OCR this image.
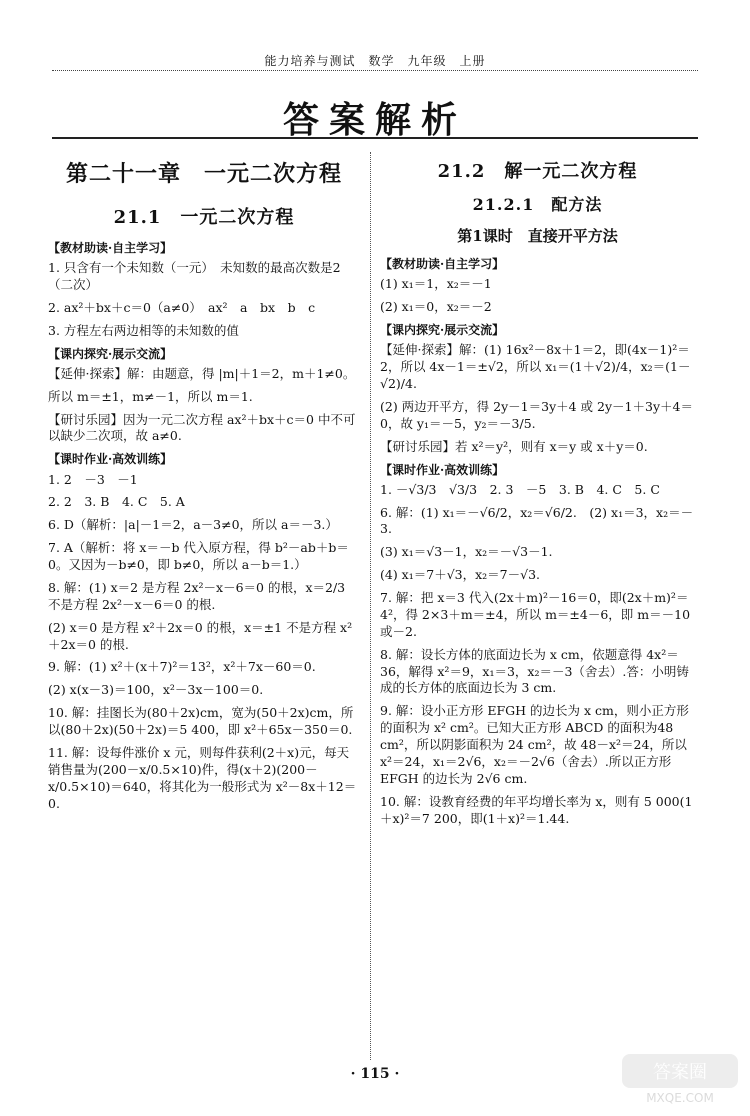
能力培养与测试　数学　九年级　上册
答案解析
第二十一章　一元二次方程
21.1　一元二次方程
【教材助读·自主学习】
1. 只含有一个未知数（一元）　未知数的最高次数是2（二次）
2. ax²＋bx＋c＝0（a≠0）　ax²　a　bx　b　c
3. 方程左右两边相等的未知数的值
【课内探究·展示交流】
【延伸·探索】解：由题意，得 |m|＋1＝2，m＋1≠0。
所以 m＝±1，m≠－1，所以 m＝1.
【研讨乐园】因为一元二次方程 ax²＋bx＋c＝0 中不可以缺少二次项，故 a≠0.
【课时作业·高效训练】
1. 2　－3　－1
2. 2　3. B　4. C　5. A
6. D（解析：|a|－1＝2，a－3≠0，所以 a＝－3.）
7. A（解析：将 x＝－b 代入原方程，得 b²－ab＋b＝0。又因为－b≠0，即 b≠0，所以 a－b＝1.）
8. 解：(1) x＝2 是方程 2x²－x－6＝0 的根，x＝2/3 不是方程 2x²－x－6＝0 的根.
(2) x＝0 是方程 x²＋2x＝0 的根，x＝±1 不是方程 x²＋2x＝0 的根.
9. 解：(1) x²＋(x＋7)²＝13²，x²＋7x－60＝0.
(2) x(x－3)＝100，x²－3x－100＝0.
10. 解：挂图长为(80＋2x)cm，宽为(50＋2x)cm，所以(80＋2x)(50＋2x)＝5 400，即 x²＋65x－350＝0.
11. 解：设每件涨价 x 元，则每件获利(2＋x)元，每天销售量为(200－x/0.5×10)件，得(x＋2)(200－x/0.5×10)＝640，将其化为一般形式为 x²－8x＋12＝0.
21.2　解一元二次方程
21.2.1　配方法
第1课时　直接开平方法
【教材助读·自主学习】
(1) x₁＝1，x₂＝－1
(2) x₁＝0，x₂＝－2
【课内探究·展示交流】
【延伸·探索】解：(1) 16x²－8x＋1＝2，即(4x－1)²＝2，所以 4x－1＝±√2，所以 x₁＝(1＋√2)/4，x₂＝(1－√2)/4.
(2) 两边开平方，得 2y－1＝3y＋4 或 2y－1＋3y＋4＝0，故 y₁＝－5，y₂＝－3/5.
【研讨乐园】若 x²＝y²，则有 x＝y 或 x＋y＝0.
【课时作业·高效训练】
1. －√3/3　√3/3　2. 3　－5　3. B　4. C　5. C
6. 解：(1) x₁＝－√6/2，x₂＝√6/2.　(2) x₁＝3，x₂＝－3.
(3) x₁＝√3－1，x₂＝－√3－1.
(4) x₁＝7＋√3，x₂＝7－√3.
7. 解：把 x＝3 代入(2x＋m)²－16＝0，即(2x＋m)²＝4²，得 2×3＋m＝±4，所以 m＝±4－6，即 m＝－10 或－2.
8. 解：设长方体的底面边长为 x cm，依题意得 4x²＝36，解得 x²＝9，x₁＝3，x₂＝－3（舍去）.答：小明铸成的长方体的底面边长为 3 cm.
9. 解：设小正方形 EFGH 的边长为 x cm，则小正方形的面积为 x² cm²。已知大正方形 ABCD 的面积为48 cm²，所以阴影面积为 24 cm²，故 48－x²＝24，所以 x²＝24，x₁＝2√6，x₂＝－2√6（舍去）.所以正方形 EFGH 的边长为 2√6 cm.
10. 解：设教育经费的年平均增长率为 x，则有 5 000(1＋x)²＝7 200，即(1＋x)²＝1.44.
· 115 ·	答案圈
MXQE.COM
